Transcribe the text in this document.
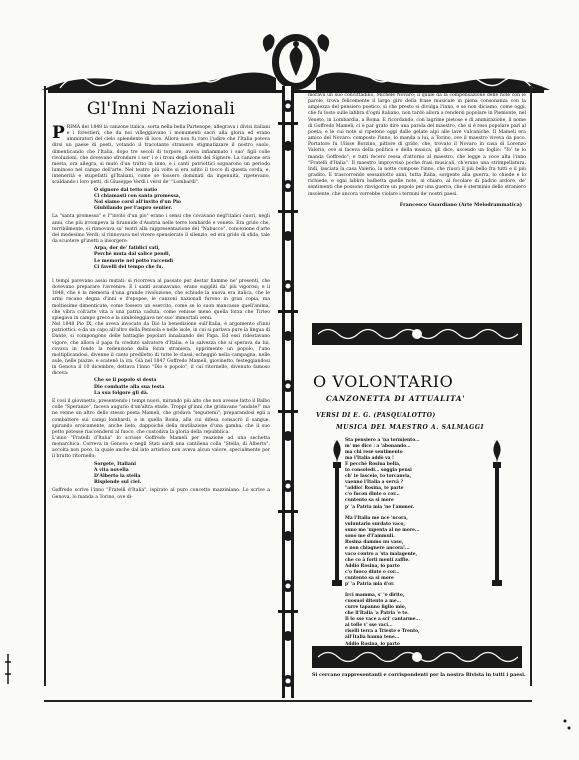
Gl'Inni Nazionali

PRIMA del 1848 la canzone italica, sorta nella bella Partenope, allegrava i divisi italiani e i forestieri, che da noi villeggiavano i monumenti sacri alla gloria ed erano ammiratori del cielo splendente di luce. Allora non fu raro l'udire che l'Italia poteva dirsi un paese di poeti, votando il tracotante straniero stigmatizzare il nostro suolo, dimenticando che l'Italia, dopo tre secoli di torpore, aveva infiammato i suo' figli colle rivoluzioni, che dovevano sfrondare i ser' i e i troni degli oletti del Signore. La canzone era mesta, ora allegra, si mutò d'un tratto in inno, e i canti patriottici sognarono un periodo luminoso nel campo dell'arte. Nel teatro più volte si era udito il tocco di questa corda, e, intenerità e stupefatti gl'Italiani, come se fossero dominati da ingenuità, ripetevano, scaldando i loro petti, di Giuseppe Verdi i versi de' "Lombardi".

O signore dal tetto natio
Ci chiamasti con santa promessa,
Noi siamo corsi all'invito d'un Pio
Giubilando per l'aspro sentier.

La "santa promessa" e l'"invito d'un pio" erano i sensi che covavano negl'italici cuori, negli anni, che più irrompeva la tirannide d'Austria nelle terre lombarde e venete. Era grido che, terribilmente, si rinnovava su' teatri alla rappresentazione del "Nabucco", concezione d'arte del medesimo Verdi; si rinnovava nel vivere spensierato il silenzio, ed era grido di sfida, tale da scuotere gl'inetti a insorgere.

Arpa, dor de' fatidici vati,
Perchè muta dal salice pendi,
Le memorie nel petto raccendi
Ci favelli del tempo che fu.

I tempi parevano assai mutati: si ricorreva al passato per destar fiamme ne' presenti, che dovevano preparare l'avvenire. E i santi avanzavano, erano suppliti da' più vigorosi; e il 1848, che è la memoria d'una grande rivoluzione, che schiude la nuova era italica, che le armi recano degna d'inni e d'epopee, le canzoni nazionali furono in gran copia, ma moltissime dimenticate, come fossero un esercito, come se lo suon mancasse quell'anima, che vibra coll'arte vita a una patria caduta, come venisse meno quella forza che Tirteo spiegava in campo greco e la simboleggiava ne' suo' immortali versi.

Nel 1848 Pio IX, che aveva invocato da Dio la benedizione sull'Italia, è argomento d'inni patriottici, e da un capo all'altro della Penisola e nelle isole, in cui si parlava pure la lingua di Dante, si compongono delle battaglie popolari innalzando del Papa. Ed essi ridestavano vigore, che allora il papa fu creduto salvatore d'Italia, e la salvezza che si sperava da lui, covava in fondo la redenzione dalla forza straniera, opprimente un popolo, l'uno moltiplicandosi, divenne il canto prediletto di tutte le classi, echeggiò nella campagna, nelle aule, nelle piazze, e scatenò la ira. Già nel 1847 Goffredo Mameli, giovinetto, festeggiandosi in Genova il 10 dicembre, dettava l'inno "Dio e popolo", il cui ritornello, divenuto famoso diceva:

Che se il popolo si desta
Dio combatte alla sua testa
La sua folgore gli dà.

E così il giovinetto, presentendo i tempi nuovi, mirando più alto che non avesse fatto il Balbo colle "Speranze", faceva augurio d'un'altra etade. Troppi gl'inni che gridavano "andate!" ma ne venne un altro dello stesso poeta Mameli, che gridava "seguitemi"; preparandosi egli a combattere sui campi lombardi, e in quella Roma, alla cui difesa consacrò il sangue, spirando eroicamente, anche lieto, dappoiché della mutilazione d'una gamba, che il suo petto potesse riaccendersi al fuoco, che custodiva la gloria della repubblica.

L'inno "Fratelli d'Italia" lo scrisse Goffredo Mameli per reazione ad una sechetta monarchica. Correva in Genova e negli Stati sardi una cantilena colla "Stella, di Alberto", accolta non poco, la quale anche dal lato artistico non aveva alcun valore, specialmente per il brutto ritornello:

Sorgete, Italiani
A vita novella
D'Alberto la stella
Risplende sul ciel.

Goffredo scrive l'inno "Fratelli d'Italia", ispirato al puro concetto mazziniano. Lo scrive a Genova, lo manda a Torino, ove di-

morava un suo concittadino, Michele Novaro; il quale dà la compensazione delle note con le parole, trova felicemente il largo giro della frase musicale in piena consonanza con la ampiezza del pensiero poetico, sì che presto si divulga l'inno, e se non diciamo, come oggi, che fu tosto sulle labbra d'ogni italiano, non tardò allora a rendersi popolare in Piemonte, nel Veneto, in Lombardia, a Roma. E ricordando, con lagrime pietose e di ammirazione, il nome di Goffredo Mameli, ci è par grato dire una parola del maestro, che si è reso popolare pari al poeta; e le cui note si ripetono oggi dalle gelate alpi alle lave vulcaniche. Il Mameli era amico del Novaro: composto l'inno, lo manda a lui, a Torino, ove il maestro viveva da poco. Portatore fu Ulisse Borzino, pittore di grido, che, trovato il Novaro in casa di Lorenzo Valerio, ove si faceva della politica e della musica, gli dice, uscendo un foglio: "To' te lo manda Goffredo"; e tutti fecero ressa d'attorno al maestro, che legge a voce alta l'inno "Fratelli d'Italia". Il maestro improvvisò poche frasi musicali, ch'erano una strimpellatura. Indi, lasciata la casa Valerio, la notte compose l'inno, che riuscì il più bello fra tutti e il più gradito. E trascorrendo sessantotto anni, tutta Italia, sorgente alla guerra, lo chiede e lo richiede, e ogni labbra balbetta quelle note, al chiaro, al focolare di padrio ardore, de' sentimenti che possono rinvigorire un popolo per una guerra, che è sterminio dello straniero insolente, che ancora vorrebbe violare i termini de' nostri paesi.

Francesco Guardiano (Arte Melodrammatica)
O VOLONTARIO
CANZONETTA DI ATTUALITA'
VERSI DI E. G. (PASQUALOTTO)
MUSICA DEL MAESTRO A. SALMAGGI

Sta pensiero a 'na tormiento...
m' me dice : a 'abonando...
ma chi rese sentimento
ma l'Italia addò va !
E pecchè Rosina bella,
to consoledi... soggia pensi
ch' te lasceie, to torcanvia,
vaenno l'Italia a servà ?
"addio! Rosina, te parte
c'o fucon dinte o cor...
cuntento sa si more
p' 'a Patria mia 'ne l'ammor.

Ma l'Italia me nce 'ncora,
vuluntario surdato vaco,
suno me 'mpenta al ne more...
sono me d'l'ammuli.
Rosina dammo nu vaso,
e non chiagnere ancora!...
vaco contro a 'sta malagente,
che co à forti menti zaffie.
Addio Rosina, io parto
c'o fuoco dinte o cor...
cuntento sa si more
p' 'a Patria mia d'or.

Irci mamma, s' 'o dirito,
cuosuol ditento a me...
curre tapanno figlio mio,
che ll'Italia 'a Patria 'e te.
Il lo sse vace a sci' cantarme...
ai tolle v' sse vaci...
riselli terra a Trieste e Trento,
all'Italia hanna tene...
Addio Rosina, io parto

Si cercano rappresentanti e corrispondenti per la nostra Rivista in tutti i paesi.
